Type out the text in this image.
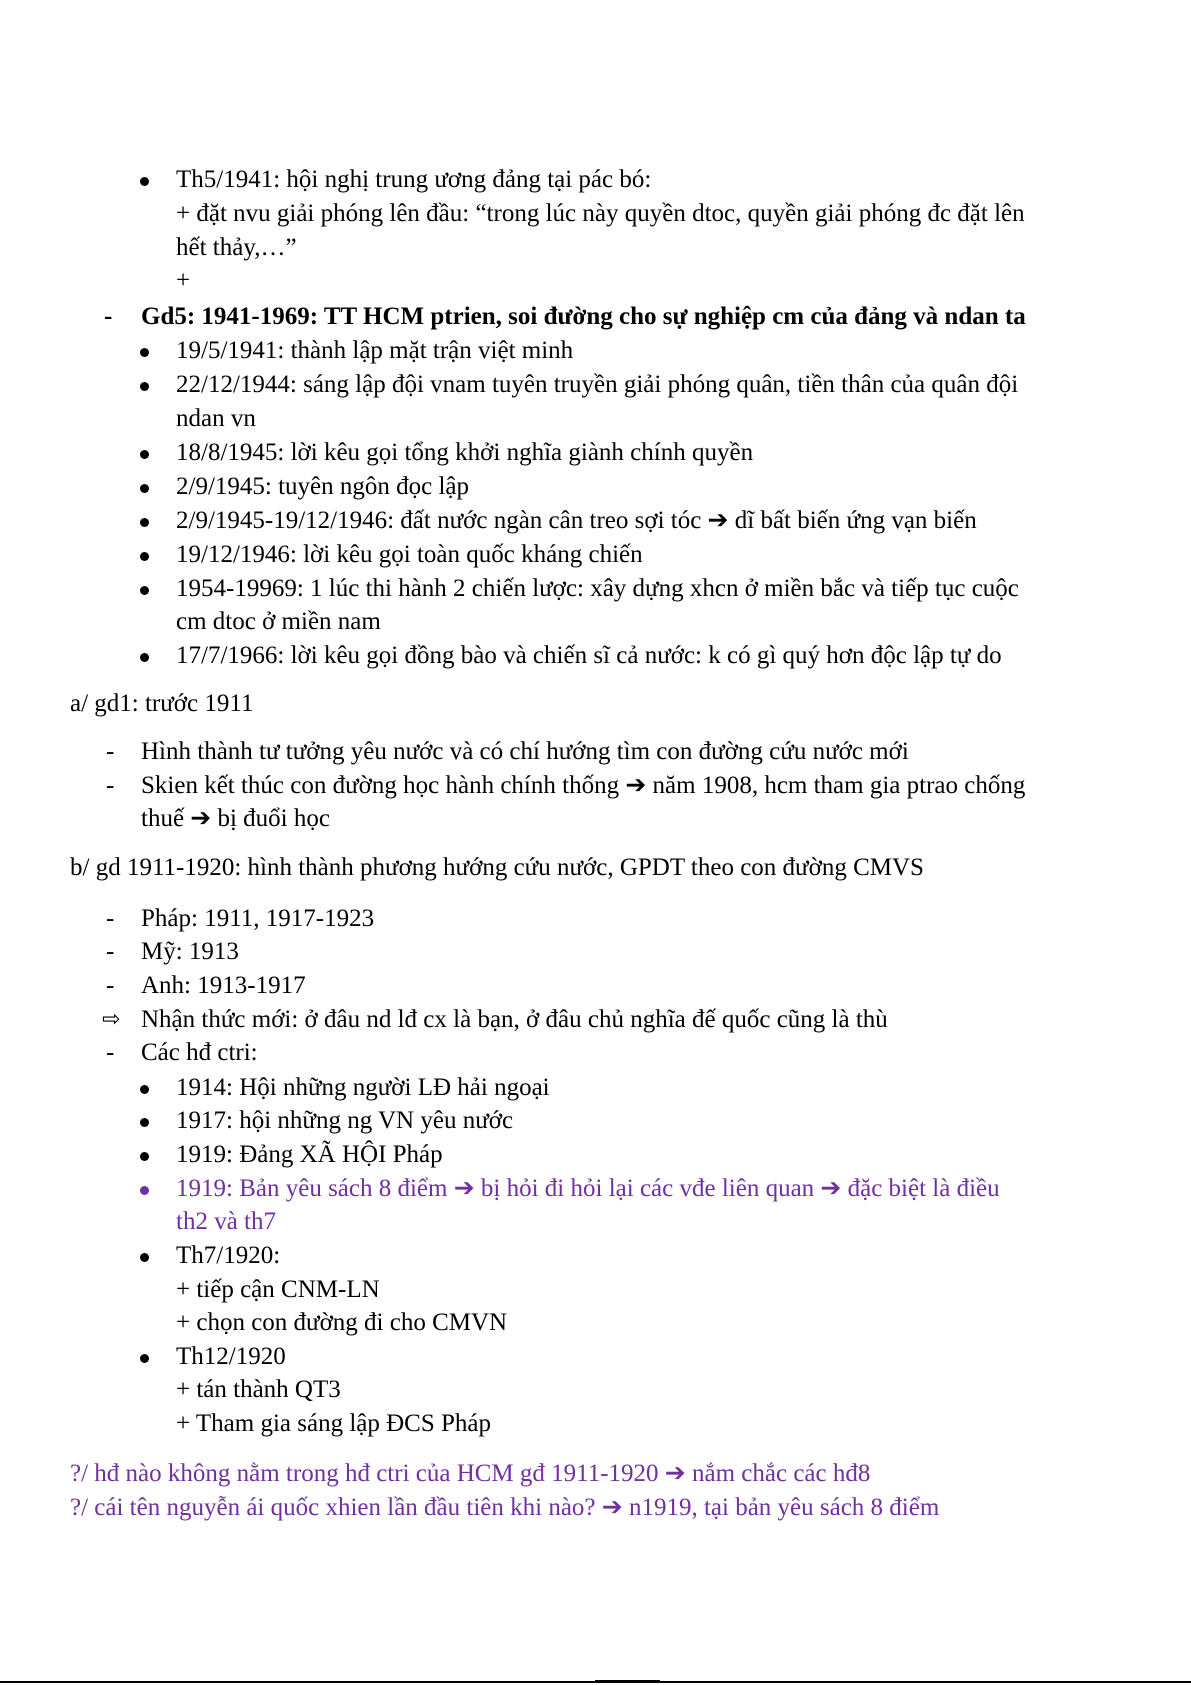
Th5/1941: hội nghị trung ương đảng tại pác bó:
+ đặt nvu giải phóng lên đầu: “trong lúc này quyền dtoc, quyền giải phóng đc đặt lên
hết thảy,…”
+
- Gd5: 1941-1969: TT HCM ptrien, soi đường cho sự nghiệp cm của đảng và ndan ta
19/5/1941: thành lập mặt trận việt minh
22/12/1944: sáng lập đội vnam tuyên truyền giải phóng quân, tiền thân của quân đội
ndan vn
18/8/1945: lời kêu gọi tổng khởi nghĩa giành chính quyền
2/9/1945: tuyên ngôn đọc lập
2/9/1945-19/12/1946: đất nước ngàn cân treo sợi tóc ➔ dĩ bất biến ứng vạn biến
19/12/1946: lời kêu gọi toàn quốc kháng chiến
1954-19969: 1 lúc thi hành 2 chiến lược: xây dựng xhcn ở miền bắc và tiếp tục cuộc
cm dtoc ở miền nam
17/7/1966: lời kêu gọi đồng bào và chiến sĩ cả nước: k có gì quý hơn độc lập tự do
a/ gd1: trước 1911
- Hình thành tư tưởng yêu nước và có chí hướng tìm con đường cứu nước mới
- Skien kết thúc con đường học hành chính thống ➔ năm 1908, hcm tham gia ptrao chống
thuế ➔ bị đuổi học
b/ gd 1911-1920: hình thành phương hướng cứu nước, GPDT theo con đường CMVS
- Pháp: 1911, 1917-1923
- Mỹ: 1913
- Anh: 1913-1917
⇨ Nhận thức mới: ở đâu nd lđ cx là bạn, ở đâu chủ nghĩa đế quốc cũng là thù
- Các hđ ctri:
1914: Hội những người LĐ hải ngoại
1917: hội những ng VN yêu nước
1919: Đảng XÃ HỘI Pháp
1919: Bản yêu sách 8 điểm ➔ bị hỏi đi hỏi lại các vđe liên quan ➔ đặc biệt là điều
th2 và th7
Th7/1920:
+ tiếp cận CNM-LN
+ chọn con đường đi cho CMVN
Th12/1920
+ tán thành QT3
+ Tham gia sáng lập ĐCS Pháp
?/ hđ nào không nằm trong hđ ctri của HCM gđ 1911-1920 ➔ nắm chắc các hđ8
?/ cái tên nguyễn ái quốc xhien lần đầu tiên khi nào? ➔ n1919, tại bản yêu sách 8 điểm
